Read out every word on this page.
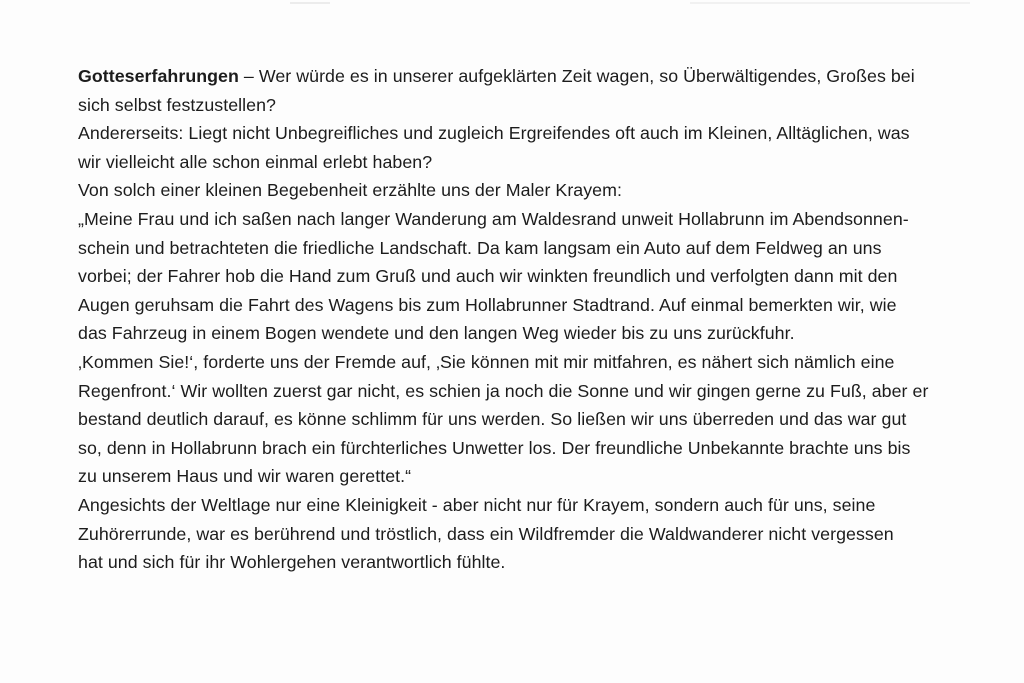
Gotteserfahrungen – Wer würde es in unserer aufgeklärten Zeit wagen, so Überwältigendes, Großes bei
sich selbst festzustellen?
Andererseits: Liegt nicht Unbegreifliches und zugleich Ergreifendes oft auch im Kleinen, Alltäglichen, was
wir vielleicht alle schon einmal erlebt haben?
Von solch einer kleinen Begebenheit erzählte uns der Maler Krayem:
„Meine Frau und ich saßen nach langer Wanderung am Waldesrand unweit Hollabrunn im Abendsonnen-
schein und betrachteten die friedliche Landschaft. Da kam langsam ein Auto auf dem Feldweg an uns
vorbei; der Fahrer hob die Hand zum Gruß und auch wir winkten freundlich und verfolgten dann mit den
Augen geruhsam die Fahrt des Wagens bis zum Hollabrunner Stadtrand. Auf einmal bemerkten wir, wie
das Fahrzeug in einem Bogen wendete und den langen Weg wieder bis zu uns zurückfuhr.
‚Kommen Sie!‘, forderte uns der Fremde auf, ‚Sie können mit mir mitfahren, es nähert sich nämlich eine
Regenfront.‘ Wir wollten zuerst gar nicht, es schien ja noch die Sonne und wir gingen gerne zu Fuß, aber er
bestand deutlich darauf, es könne schlimm für uns werden. So ließen wir uns überreden und das war gut
so, denn in Hollabrunn brach ein fürchterliches Unwetter los. Der freundliche Unbekannte brachte uns bis
zu unserem Haus und wir waren gerettet.“
Angesichts der Weltlage nur eine Kleinigkeit - aber nicht nur für Krayem, sondern auch für uns, seine
Zuhörerrunde, war es berührend und tröstlich, dass ein Wildfremder die Waldwanderer nicht vergessen
hat und sich für ihr Wohlergehen verantwortlich fühlte.
